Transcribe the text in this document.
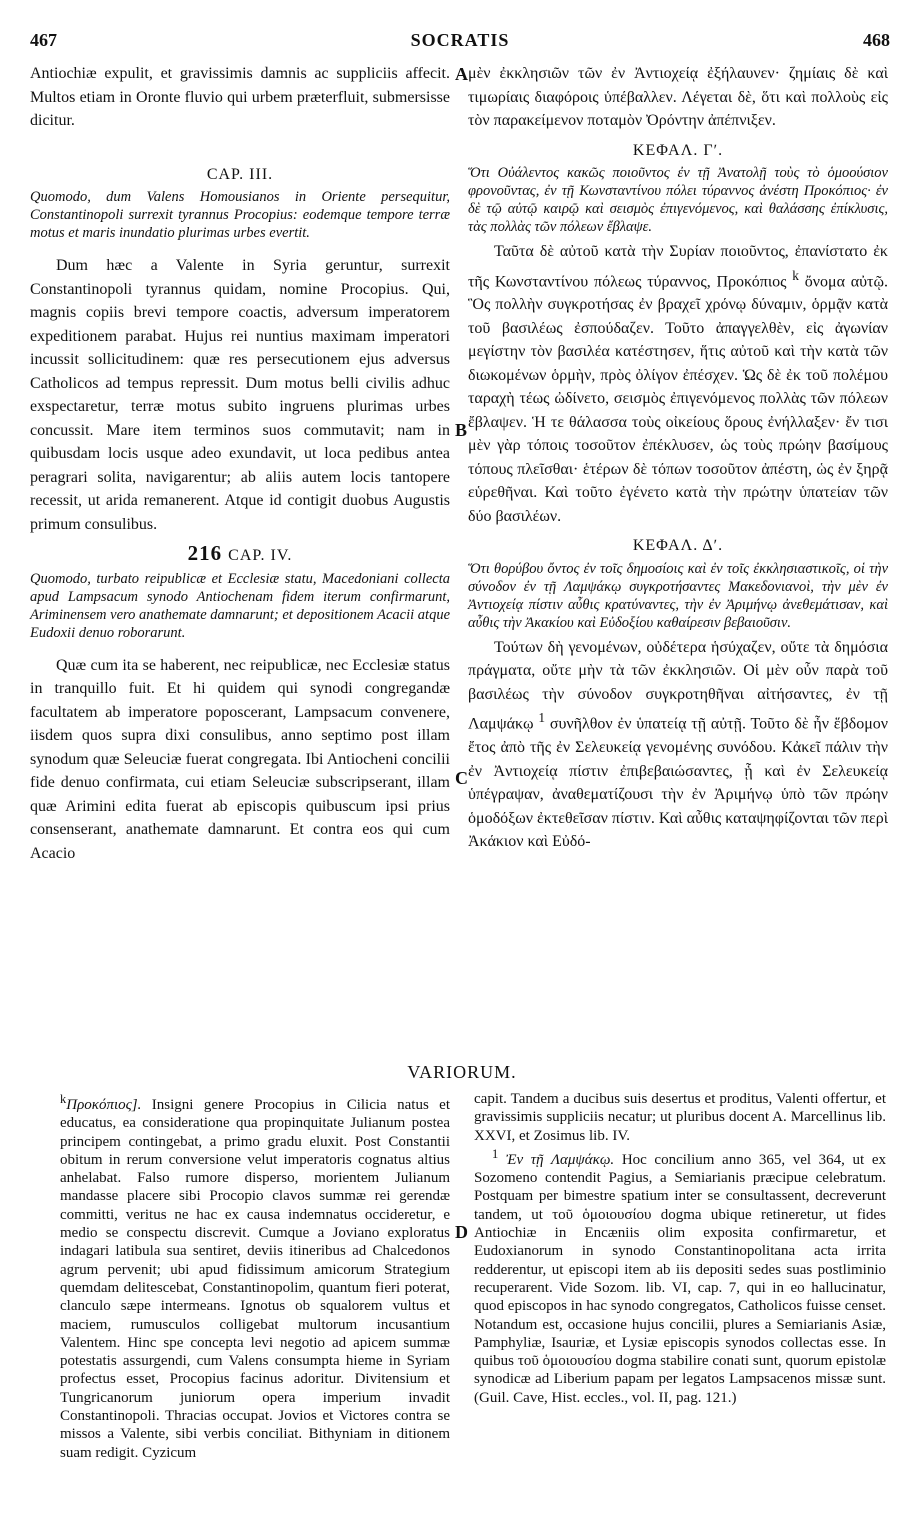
467	SOCRATIS	468

Antiochiæ expulit, et gravissimis damnis ac suppliciis affecit. Multos etiam in Oronte fluvio qui urbem præterfluit, submersisse dicitur.

CAP. III.

Quomodo, dum Valens Homousianos in Oriente persequitur, Constantinopoli surrexit tyrannus Procopius: eodemque tempore terræ motus et maris inundatio plurimas urbes evertit.

Dum hæc a Valente in Syria geruntur, surrexit Constantinopoli tyrannus quidam, nomine Procopius. Qui, magnis copiis brevi tempore coactis, adversum imperatorem expeditionem parabat. Hujus rei nuntius maximam imperatori incussit sollicitudinem: quæ res persecutionem ejus adversus Catholicos ad tempus repressit. Dum motus belli civilis adhuc exspectaretur, terræ motus subito ingruens plurimas urbes concussit. Mare item terminos suos commutavit; nam in quibusdam locis usque adeo exundavit, ut loca pedibus antea peragrari solita, navigarentur; ab aliis autem locis tantopere recessit, ut arida remanerent. Atque id contigit duobus Augustis primum consulibus.

216 CAP. IV.

Quomodo, turbato reipublicæ et Ecclesiæ statu, Macedoniani collecta apud Lampsacum synodo Antiochenam fidem iterum confirmarunt, Ariminensem vero anathemate damnarunt; et depositionem Acacii atque Eudoxii denuo roborarunt.

Quæ cum ita se haberent, nec reipublicæ, nec Ecclesiæ status in tranquillo fuit. Et hi quidem qui synodi congregandæ facultatem ab imperatore poposcerant, Lampsacum convenere, iisdem quos supra dixi consulibus, anno septimo post illam synodum quæ Seleuciæ fuerat congregata. Ibi Antiocheni concilii fide denuo confirmata, cui etiam Seleuciæ subscripserant, illam quæ Arimini edita fuerat ab episcopis quibuscum ipsi prius consenserant, anathemate damnarunt. Et contra eos qui cum Acacio

A
B
C
D

μὲν ἐκκλησιῶν τῶν ἐν Ἀντιοχείᾳ ἐξήλαυνεν· ζημίαις δὲ καὶ τιμωρίαις διαφόροις ὑπέβαλλεν. Λέγεται δὲ, ὅτι καὶ πολλοὺς εἰς τὸν παρακείμενον ποταμὸν Ὀρόντην ἀπέπνιξεν.

ΚΕΦΑΛ. Γʹ.

Ὅτι Οὐάλεντος κακῶς ποιοῦντος ἐν τῇ Ἀνατολῇ τοὺς τὸ ὁμοούσιον φρονοῦντας, ἐν τῇ Κωνσταντίνου πόλει τύραννος ἀνέστη Προκόπιος· ἐν δὲ τῷ αὐτῷ καιρῷ καὶ σεισμὸς ἐπιγενόμενος, καὶ θαλάσσης ἐπίκλυσις, τὰς πολλὰς τῶν πόλεων ἔβλαψε.

Ταῦτα δὲ αὐτοῦ κατὰ τὴν Συρίαν ποιοῦντος, ἐπανίστατο ἐκ τῆς Κωνσταντίνου πόλεως τύραννος, Προκόπιος $^k$ ὄνομα αὐτῷ. Ὃς πολλὴν συγκροτήσας ἐν βραχεῖ χρόνῳ δύναμιν, ὁρμᾷν κατὰ τοῦ βασιλέως ἐσπούδαζεν. Τοῦτο ἀπαγγελθὲν, εἰς ἀγωνίαν μεγίστην τὸν βασιλέα κατέστησεν, ἥτις αὐτοῦ καὶ τὴν κατὰ τῶν διωκομένων ὁρμὴν, πρὸς ὀλίγον ἐπέσχεν. Ὡς δὲ ἐκ τοῦ πολέμου ταραχὴ τέως ὠδίνετο, σεισμὸς ἐπιγενόμενος πολλὰς τῶν πόλεων ἔβλαψεν. Ἡ τε θάλασσα τοὺς οἰκείους ὅρους ἐνήλλαξεν· ἔν τισι μὲν γὰρ τόποις τοσοῦτον ἐπέκλυσεν, ὡς τοὺς πρώην βασίμους τόπους πλεῖσθαι· ἑτέρων δὲ τόπων τοσοῦτον ἀπέστη, ὡς ἐν ξηρᾷ εὑρεθῆναι. Καὶ τοῦτο ἐγένετο κατὰ τὴν πρώτην ὑπατείαν τῶν δύο βασιλέων.

ΚΕΦΑΛ. Δʹ.

Ὅτι θορύβου ὄντος ἐν τοῖς δημοσίοις καὶ ἐν τοῖς ἐκκλησιαστικοῖς, οἱ τὴν σύνοδον ἐν τῇ Λαμψάκῳ συγκροτήσαντες Μακεδονιανοὶ, τὴν μὲν ἐν Ἀντιοχείᾳ πίστιν αὖθις κρατύναντες, τὴν ἐν Ἀριμήνῳ ἀνεθεμάτισαν, καὶ αὖθις τὴν Ἀκακίου καὶ Εὐδοξίου καθαίρεσιν βεβαιοῦσιν.

Τούτων δὴ γενομένων, οὐδέτερα ἡσύχαζεν, οὔτε τὰ δημόσια πράγματα, οὔτε μὴν τὰ τῶν ἐκκλησιῶν. Οἱ μὲν οὖν παρὰ τοῦ βασιλέως τὴν σύνοδον συγκροτηθῆναι αἰτήσαντες, ἐν τῇ Λαμψάκῳ $^1$ συνῆλθον ἐν ὑπατείᾳ τῇ αὐτῇ. Τοῦτο δὲ ἦν ἕβδομον ἔτος ἀπὸ τῆς ἐν Σελευκείᾳ γενομένης συνόδου. Κἀκεῖ πάλιν τὴν ἐν Ἀντιοχείᾳ πίστιν ἐπιβεβαιώσαντες, ᾗ καὶ ἐν Σελευκείᾳ ὑπέγραψαν, ἀναθεματίζουσι τὴν ἐν Ἀριμήνῳ ὑπὸ τῶν πρώην ὁμοδόξων ἐκτεθεῖσαν πίστιν. Καὶ αὖθις καταψηφίζονται τῶν περὶ Ἀκάκιον καὶ Εὐδό-

VARIORUM.

$^k$Προκόπιος]. Insigni genere Procopius in Cilicia natus et educatus, ea consideratione qua propinquitate Julianum postea principem contingebat, a primo gradu eluxit. Post Constantii obitum in rerum conversione velut imperatoris cognatus altius anhelabat. Falso rumore disperso, morientem Julianum mandasse placere sibi Procopio clavos summæ rei gerendæ committi, veritus ne hac ex causa indemnatus occideretur, e medio se conspectu discrevit. Cumque a Joviano exploratus indagari latibula sua sentiret, deviis itineribus ad Chalcedonos agrum pervenit; ubi apud fidissimum amicorum Strategium quemdam delitescebat, Constantinopolim, quantum fieri poterat, clanculo sæpe intermeans. Ignotus ob squalorem vultus et maciem, rumusculos colligebat multorum incusantium Valentem. Hinc spe concepta levi negotio ad apicem summæ potestatis assurgendi, cum Valens consumpta hieme in Syriam profectus esset, Procopius facinus adoritur. Divitensium et Tungricanorum juniorum opera imperium invadit Constantinopoli. Thracias occupat. Jovios et Victores contra se missos a Valente, sibi verbis conciliat. Bithyniam in ditionem suam redigit. Cyzicum

capit. Tandem a ducibus suis desertus et proditus, Valenti offertur, et gravissimis suppliciis necatur; ut pluribus docent A. Marcellinus lib. XXVI, et Zosimus lib. IV.

$^1$ Ἐν τῇ Λαμψάκῳ. Hoc concilium anno 365, vel 364, ut ex Sozomeno contendit Pagius, a Semiarianis præcipue celebratum. Postquam per bimestre spatium inter se consultassent, decreverunt tandem, ut τοῦ ὁμοιουσίου dogma ubique retineretur, ut fides Antiochiæ in Encæniis olim exposita confirmaretur, et Eudoxianorum in synodo Constantinopolitana acta irrita redderentur, ut episcopi item ab iis depositi sedes suas postliminio recuperarent. Vide Sozom. lib. VI, cap. 7, qui in eo hallucinatur, quod episcopos in hac synodo congregatos, Catholicos fuisse censet. Notandum est, occasione hujus concilii, plures a Semiarianis Asiæ, Pamphyliæ, Isauriæ, et Lysiæ episcopis synodos collectas esse. In quibus τοῦ ὁμοιουσίου dogma stabilire conati sunt, quorum epistolæ synodicæ ad Liberium papam per legatos Lampsacenos missæ sunt. (Guil. Cave, Hist. eccles., vol. II, pag. 121.)
